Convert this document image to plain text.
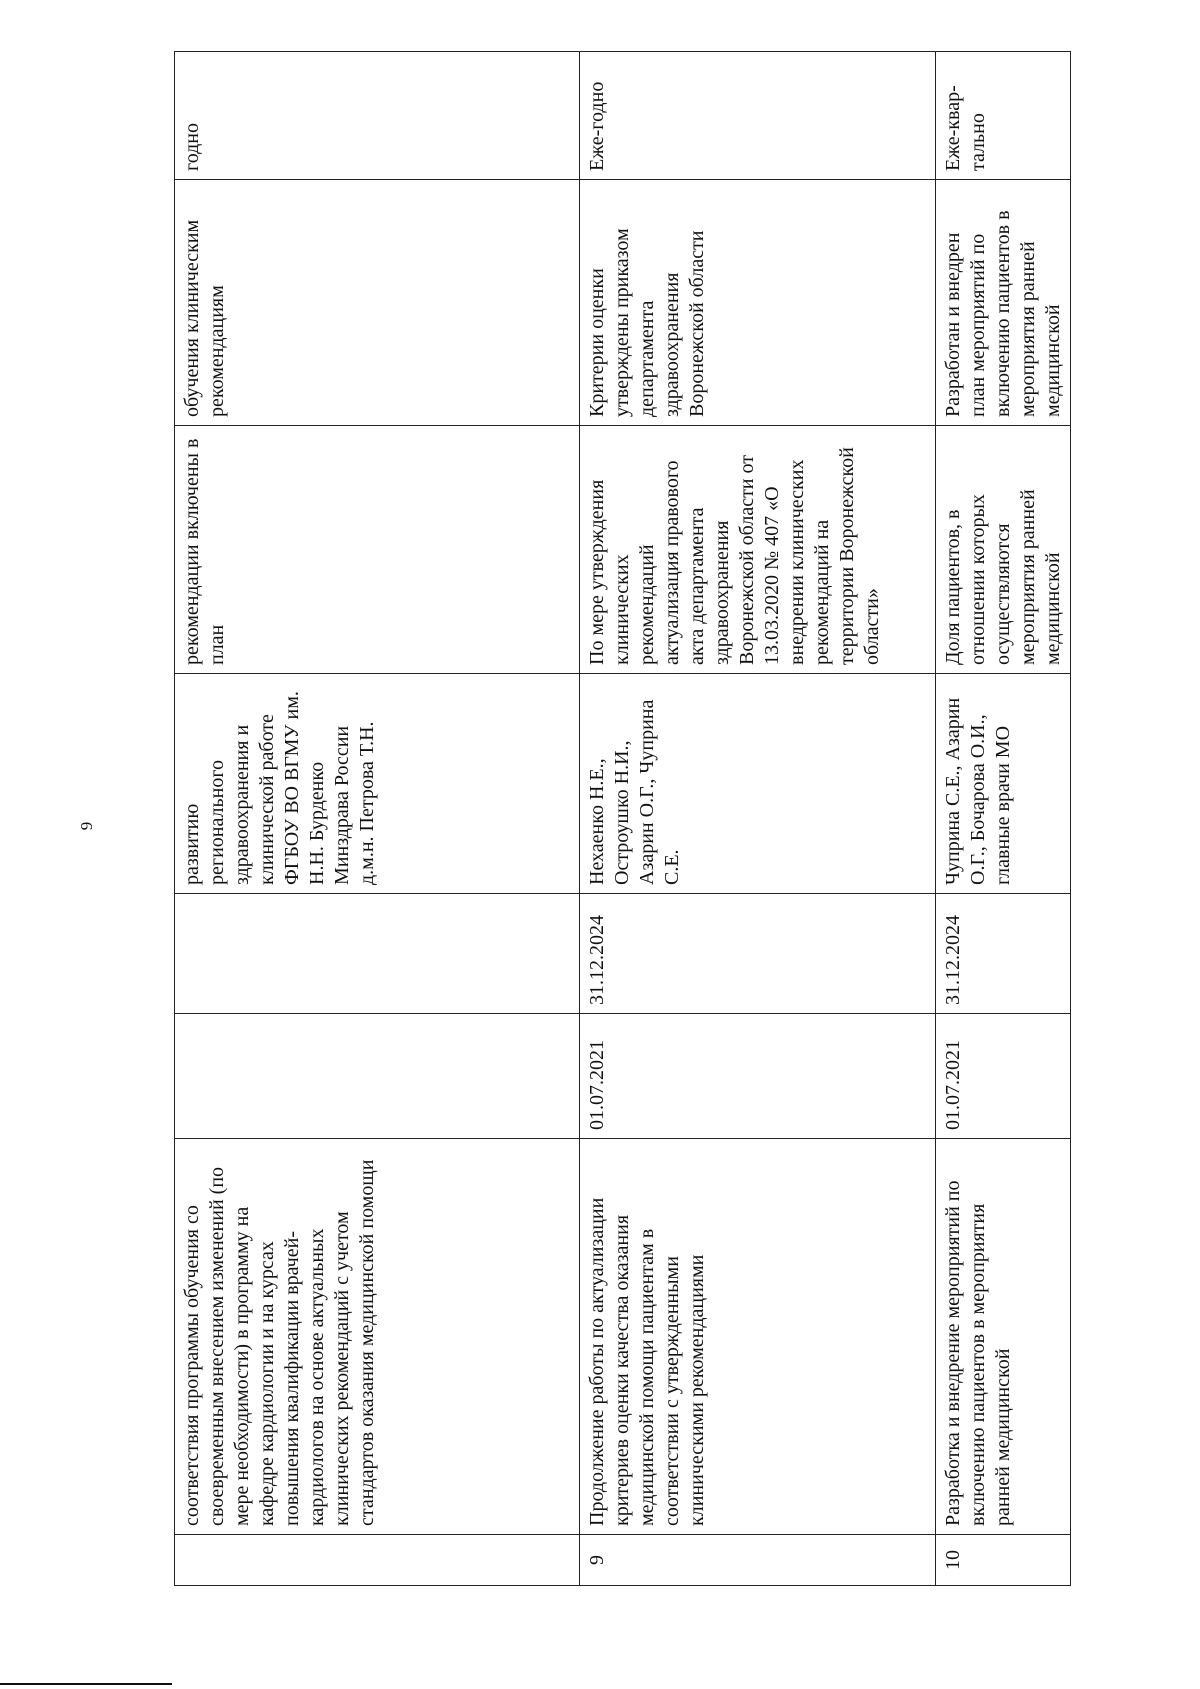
9
	соответствия программы обучения со своевременным внесением изменений (по мере необходимости) в программу на кафедре кардиологии и на курсах повышения квалификации врачей-кардиологов на основе актуальных клинических рекомендаций с учетом стандартов оказания медицинской помощи			развитию регионального здравоохранения и клинической работе ФГБОУ ВО ВГМУ им. Н.Н. Бурденко Минздрава России д.м.н. Петрова Т.Н.	рекомендации включены в план	обучения клиническим рекомендациям	годно
9	Продолжение работы по актуализации критериев оценки качества оказания медицинской помощи пациентам в соответствии с утвержденными клиническими рекомендациями	01.07.2021	31.12.2024	Нехаенко Н.Е., Остроушко Н.И., Азарин О.Г., Чуприна С.Е.	По мере утверждения клинических рекомендаций актуализация правового акта департамента здравоохранения Воронежской области от 13.03.2020 № 407 «О внедрении клинических рекомендаций на территории Воронежской области»	Критерии оценки утверждены приказом департамента здравоохранения Воронежской области	Еже-годно
10	Разработка и внедрение мероприятий по включению пациентов в мероприятия ранней медицинской	01.07.2021	31.12.2024	Чуприна С.Е., Азарин О.Г., Бочарова О.И., главные врачи МО	Доля пациентов, в отношении которых осуществляются мероприятия ранней медицинской	Разработан и внедрен план мероприятий по включению пациентов в мероприятия ранней медицинской	Еже-квар-тально
